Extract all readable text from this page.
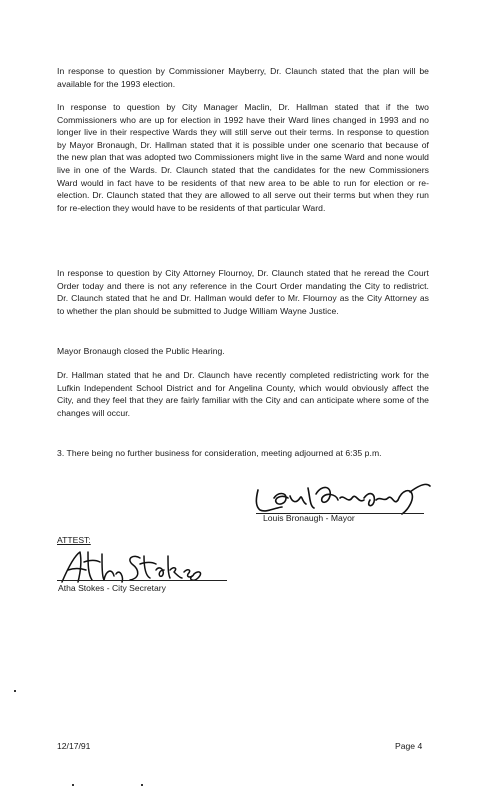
In response to question by Commissioner Mayberry, Dr. Claunch stated that the plan will be available for the 1993 election.

In response to question by City Manager Maclin, Dr. Hallman stated that if the two Commissioners who are up for election in 1992 have their Ward lines changed in 1993 and no longer live in their respective Wards they will still serve out their terms. In response to question by Mayor Bronaugh, Dr. Hallman stated that it is possible under one scenario that because of the new plan that was adopted two Commissioners might live in the same Ward and none would live in one of the Wards. Dr. Claunch stated that the candidates for the new Commissioners Ward would in fact have to be residents of that new area to be able to run for election or re-election. Dr. Claunch stated that they are allowed to all serve out their terms but when they run for re-election they would have to be residents of that particular Ward.

In response to question by City Attorney Flournoy, Dr. Claunch stated that he reread the Court Order today and there is not any reference in the Court Order mandating the City to redistrict. Dr. Claunch stated that he and Dr. Hallman would defer to Mr. Flournoy as the City Attorney as to whether the plan should be submitted to Judge William Wayne Justice.

Mayor Bronaugh closed the Public Hearing.

Dr. Hallman stated that he and Dr. Claunch have recently completed redistricting work for the Lufkin Independent School District and for Angelina County, which would obviously affect the City, and they feel that they are fairly familiar with the City and can anticipate where some of the changes will occur.

3. There being no further business for consideration, meeting adjourned at 6:35 p.m.

Louis Bronaugh - Mayor
ATTEST:
Atha Stokes - City Secretary
12/17/91	Page 4
